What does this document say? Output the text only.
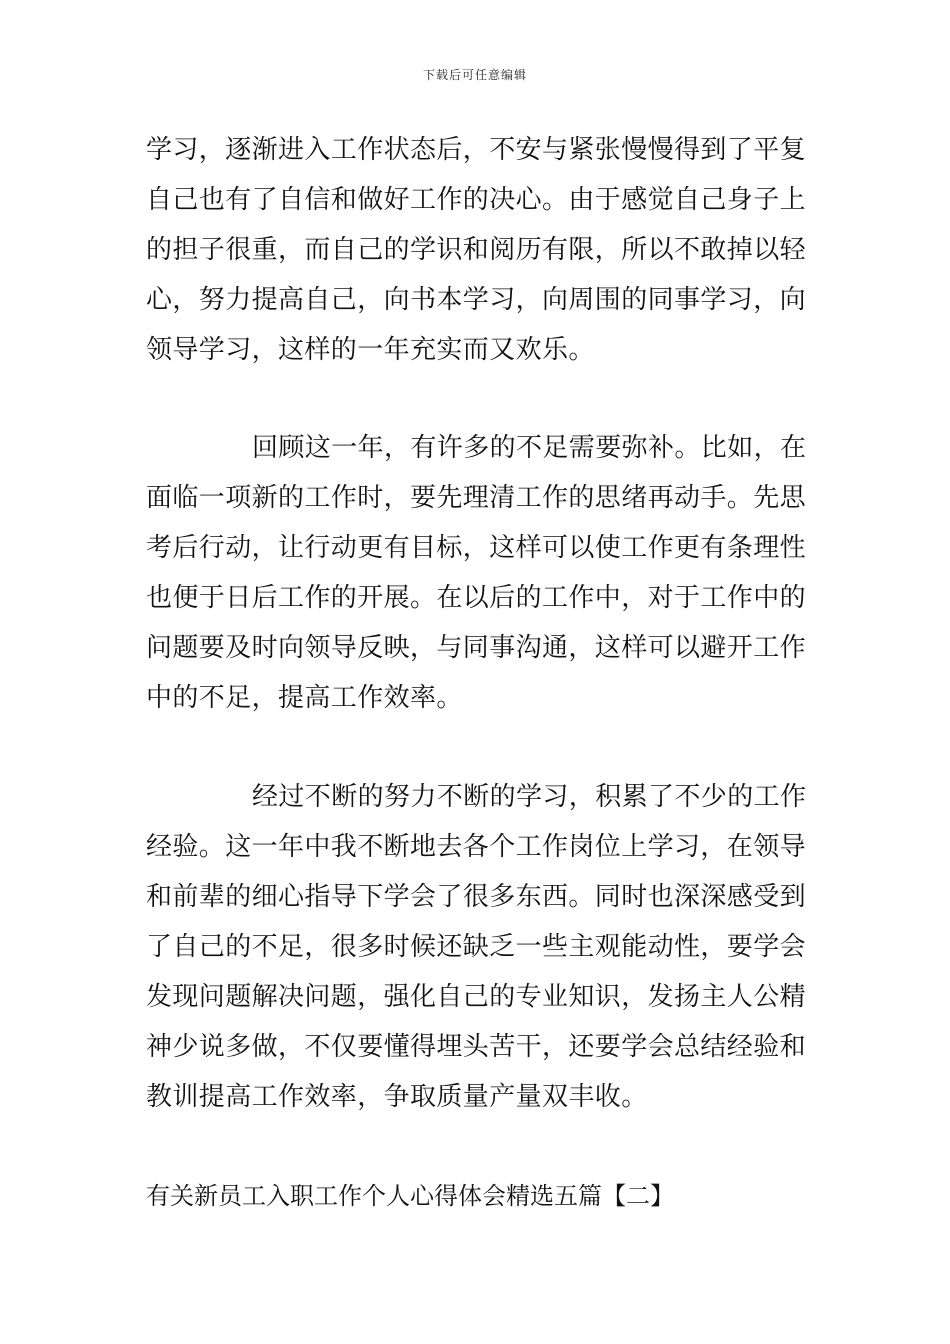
下载后可任意编辑
学习，逐渐进入工作状态后，不安与紧张慢慢得到了平复
自己也有了自信和做好工作的决心。由于感觉自己身子上
的担子很重，而自己的学识和阅历有限，所以不敢掉以轻
心，努力提高自己，向书本学习，向周围的同事学习，向
领导学习，这样的一年充实而又欢乐。
回顾这一年，有许多的不足需要弥补。比如，在
面临一项新的工作时，要先理清工作的思绪再动手。先思
考后行动，让行动更有目标，这样可以使工作更有条理性
也便于日后工作的开展。在以后的工作中，对于工作中的
问题要及时向领导反映，与同事沟通，这样可以避开工作
中的不足，提高工作效率。
经过不断的努力不断的学习，积累了不少的工作
经验。这一年中我不断地去各个工作岗位上学习，在领导
和前辈的细心指导下学会了很多东西。同时也深深感受到
了自己的不足，很多时候还缺乏一些主观能动性，要学会
发现问题解决问题，强化自己的专业知识，发扬主人公精
神少说多做，不仅要懂得埋头苦干，还要学会总结经验和
教训提高工作效率，争取质量产量双丰收。
有关新员工入职工作个人心得体会精选五篇【二】
